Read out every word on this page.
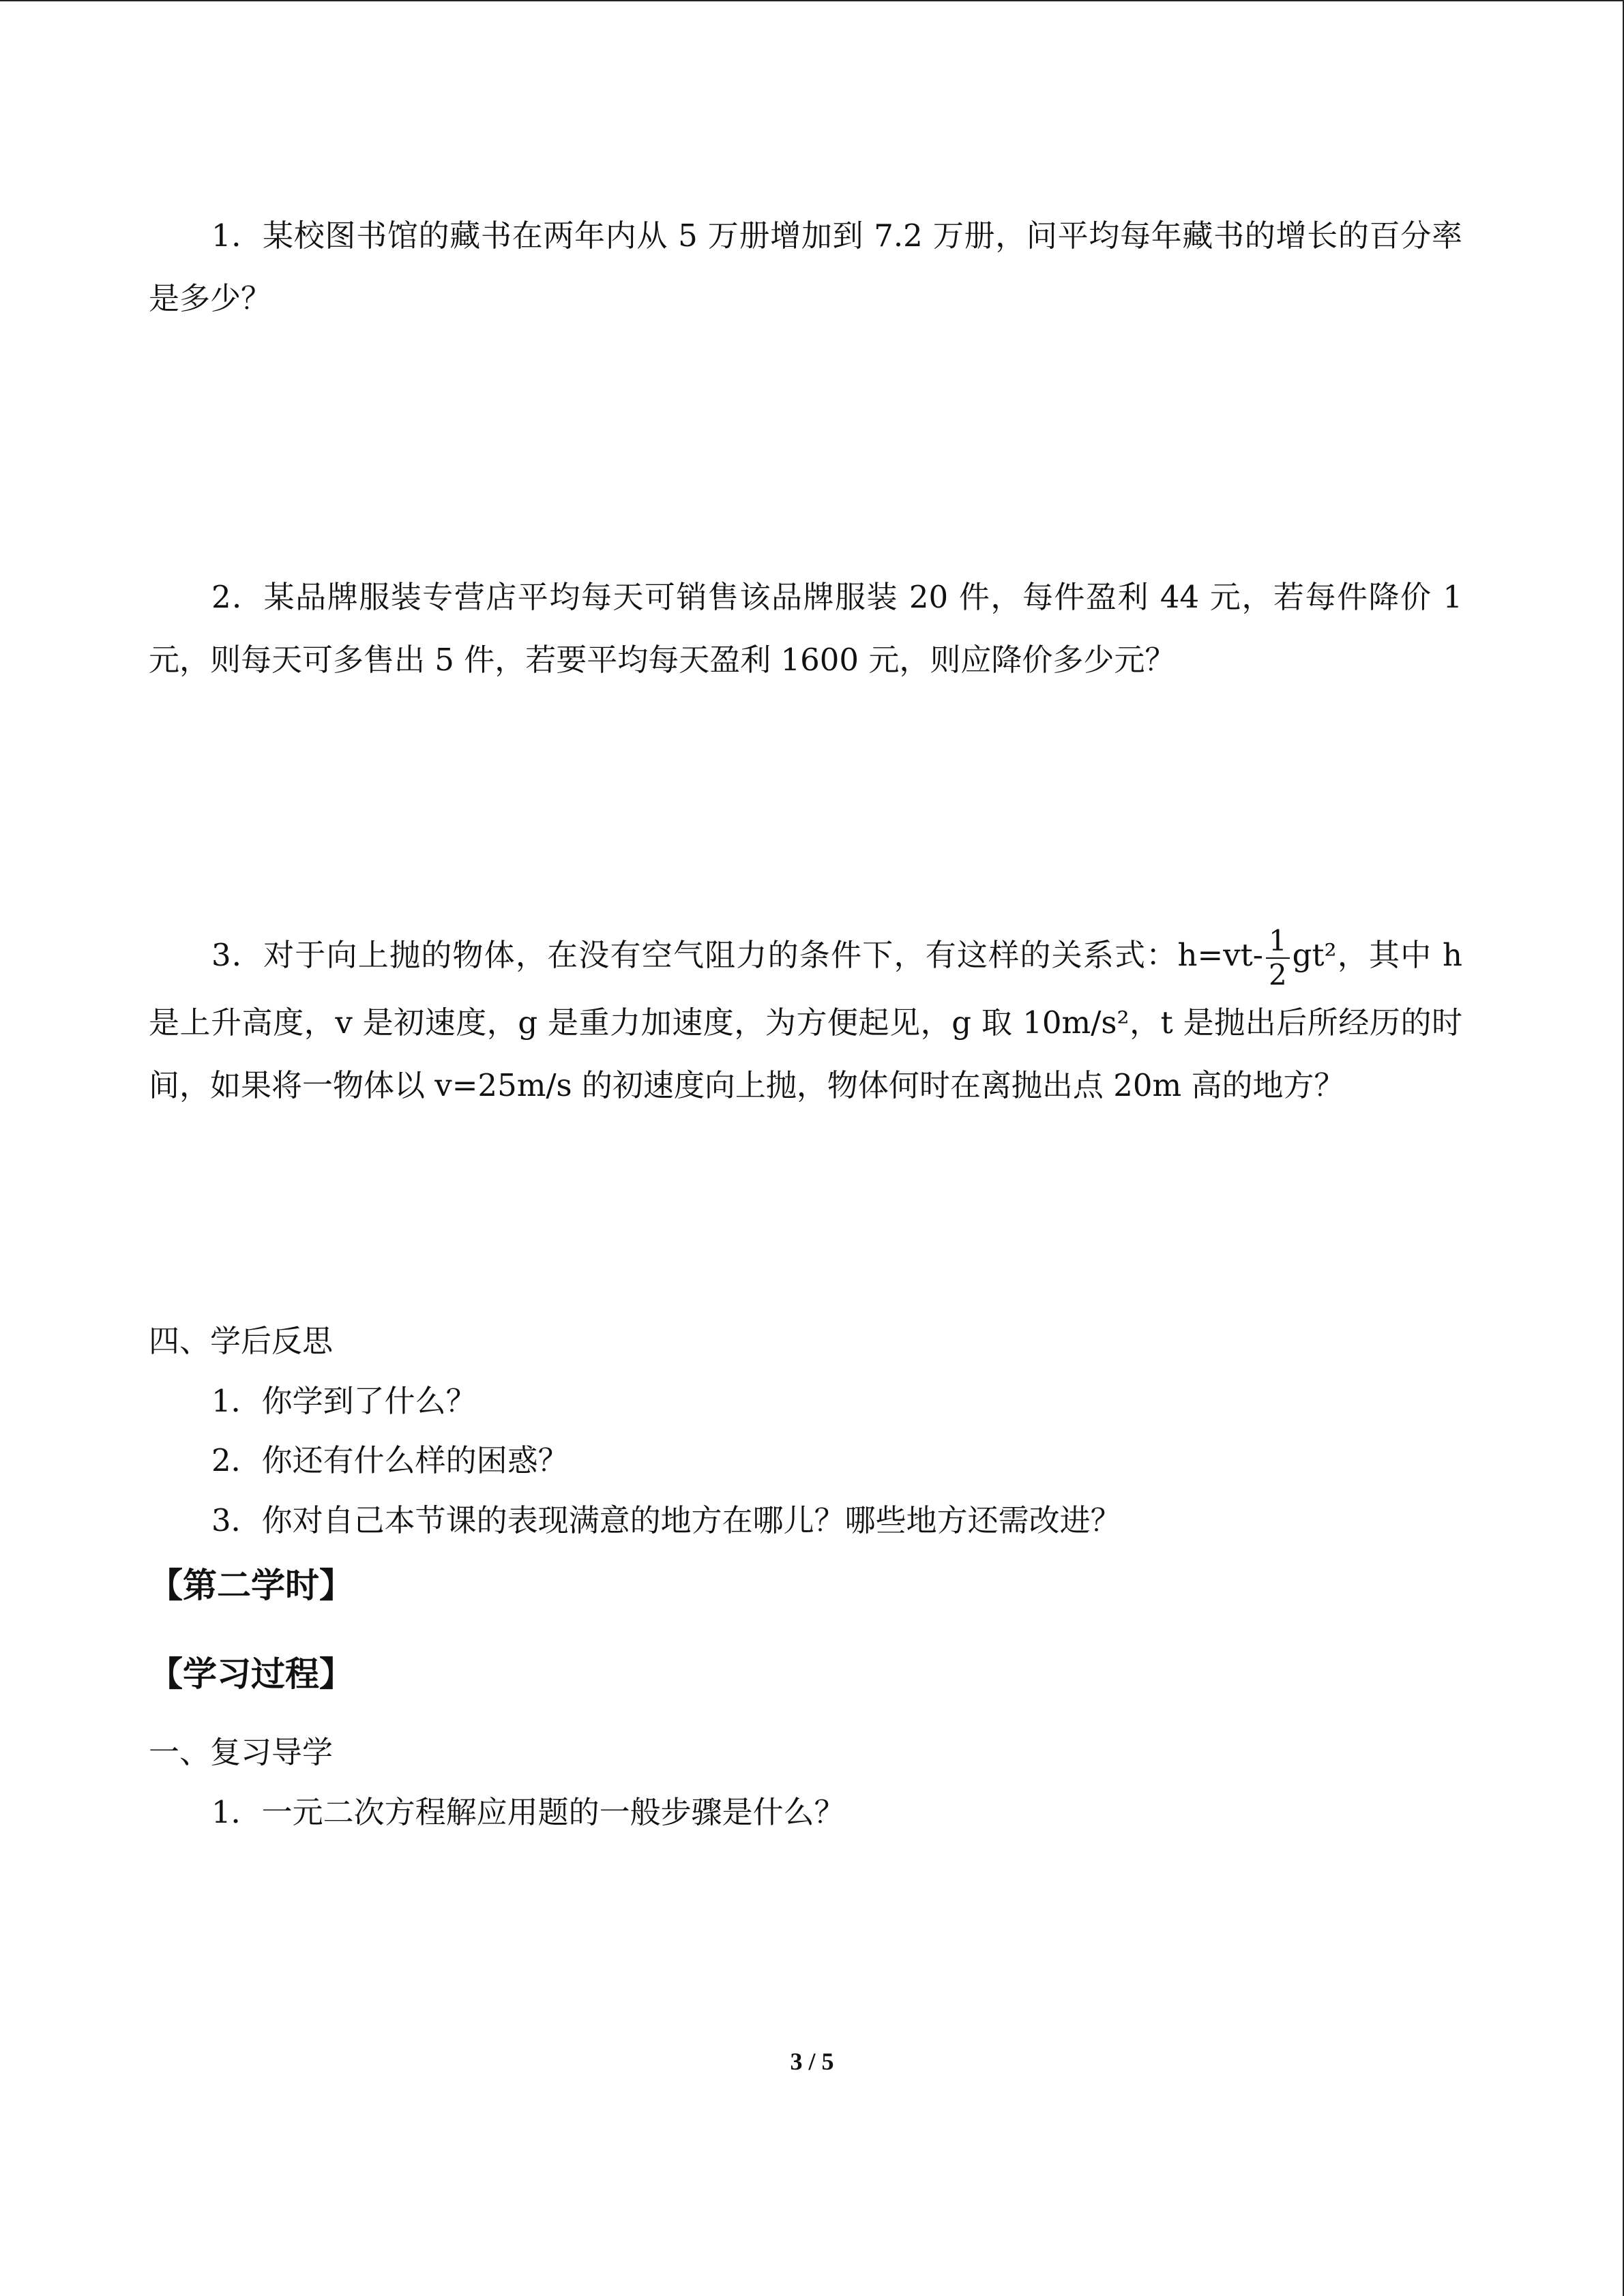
1．某校图书馆的藏书在两年内从 5 万册增加到 7.2 万册，问平均每年藏书的增长的百分率是多少？

2．某品牌服装专营店平均每天可销售该品牌服装 20 件，每件盈利 44 元，若每件降价 1 元，则每天可多售出 5 件，若要平均每天盈利 1600 元，则应降价多少元？

3．对于向上抛的物体，在没有空气阻力的条件下，有这样的关系式：$h=vt- \frac{1}{2} gt^2$，其中 h 是上升高度，v 是初速度，g 是重力加速度，为方便起见，g 取 10m/s²，t 是抛出后所经历的时间，如果将一物体以 v=25m/s 的初速度向上抛，物体何时在离抛出点 20m 高的地方？

四、学后反思
1．你学到了什么？
2．你还有什么样的困惑？
3．你对自己本节课的表现满意的地方在哪儿？哪些地方还需改进？
【第二学时】
【学习过程】
一、复习导学
1．一元二次方程解应用题的一般步骤是什么？
3 / 5
